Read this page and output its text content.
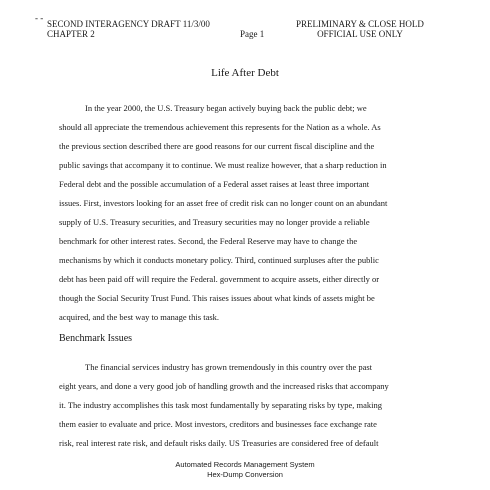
- -
SECOND INTERAGENCY DRAFT 11/3/00
CHAPTER 2	Page 1
PRELIMINARY & CLOSE HOLD
OFFICIAL USE ONLY
Life After Debt
In the year 2000, the U.S. Treasury began actively buying back the public debt; we
should all appreciate the tremendous achievement this represents for the Nation as a whole. As
the previous section described there are good reasons for our current fiscal discipline and the
public savings that accompany it to continue. We must realize however, that a sharp reduction in
Federal debt and the possible accumulation of a Federal asset raises at least three important
issues. First, investors looking for an asset free of credit risk can no longer count on an abundant
supply of U.S. Treasury securities, and Treasury securities may no longer provide a reliable
benchmark for other interest rates. Second, the Federal Reserve may have to change the
mechanisms by which it conducts monetary policy. Third, continued surpluses after the public
debt has been paid off will require the Federal. government to acquire assets, either directly or
though the Social Security Trust Fund. This raises issues about what kinds of assets might be
acquired, and the best way to manage this task.
Benchmark Issues
The financial services industry has grown tremendously in this country over the past
eight years, and done a very good job of handling growth and the increased risks that accompany
it. The industry accomplishes this task most fundamentally by separating risks by type, making
them easier to evaluate and price. Most investors, creditors and businesses face exchange rate
risk, real interest rate risk, and default risks daily. US Treasuries are considered free of default
Automated Records Management System
Hex-Dump Conversion
